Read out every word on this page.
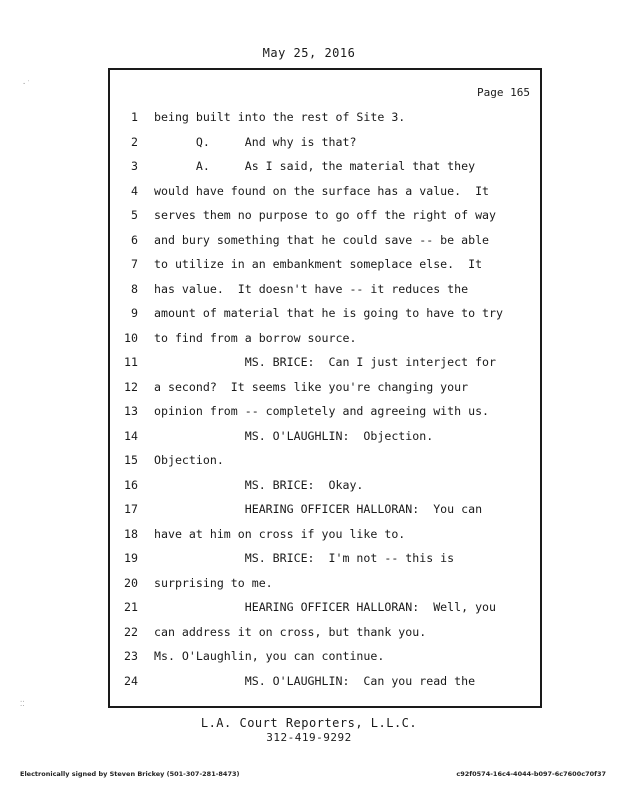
May 25, 2016
Page 165
1 being built into the rest of Site 3.
2 Q.     And why is that?
3 A.     As I said, the material that they
4 would have found on the surface has a value.  It
5 serves them no purpose to go off the right of way
6 and bury something that he could save -- be able
7 to utilize in an embankment someplace else.  It
8 has value.  It doesn't have -- it reduces the
9 amount of material that he is going to have to try
10 to find from a borrow source.
11 MS. BRICE:  Can I just interject for
12 a second?  It seems like you're changing your
13 opinion from -- completely and agreeing with us.
14 MS. O'LAUGHLIN:  Objection.
15 Objection.
16 MS. BRICE:  Okay.
17 HEARING OFFICER HALLORAN:  You can
18 have at him on cross if you like to.
19 MS. BRICE:  I'm not -- this is
20 surprising to me.
21 HEARING OFFICER HALLORAN:  Well, you
22 can address it on cross, but thank you.
23 Ms. O'Laughlin, you can continue.
24 MS. O'LAUGHLIN:  Can you read the
L.A. Court Reporters, L.L.C.
312-419-9292
Electronically signed by Steven Brickey (501-307-281-8473)	c92f0574-16c4-4044-b097-6c7600c70f37
·˙
⁚⁚
